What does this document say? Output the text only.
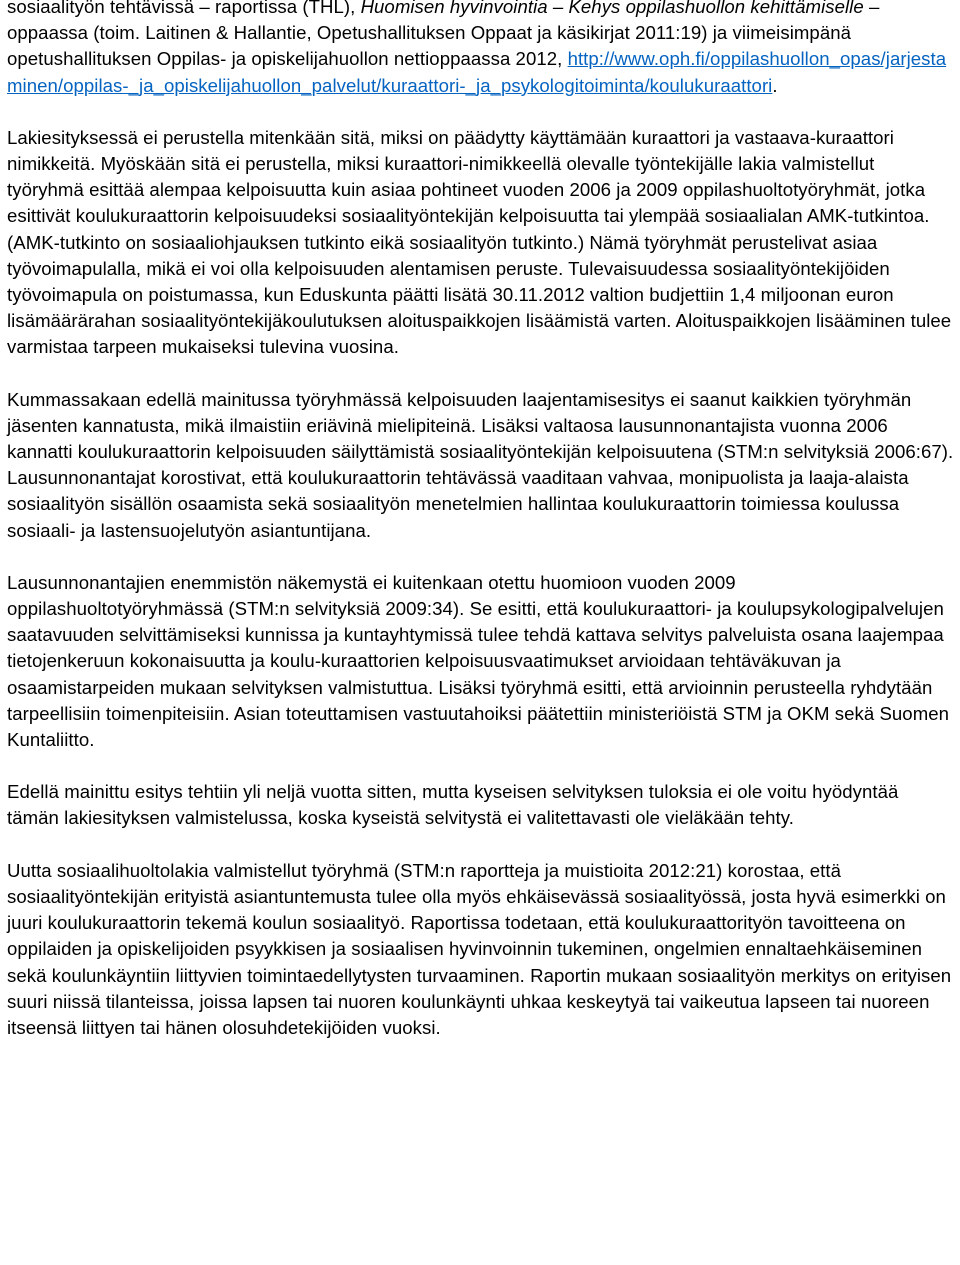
sosiaalityön tehtävissä – raportissa (THL), Huomisen hyvinvointia – Kehys oppilashuollon kehittämiselle – oppaassa (toim. Laitinen & Hallantie, Opetushallituksen Oppaat ja käsikirjat 2011:19) ja viimeisimpänä opetushallituksen Oppilas- ja opiskelijahuollon nettioppaassa 2012, http://www.oph.fi/oppilashuollon_opas/jarjestaminen/oppilas-_ja_opiskelijahuollon_palvelut/kuraattori-_ja_psykologitoiminta/koulukuraattori.

Lakiesityksessä ei perustella mitenkään sitä, miksi on päädytty käyttämään kuraattori ja vastaava-kuraattori nimikkeitä. Myöskään sitä ei perustella, miksi kuraattori-nimikkeellä olevalle työntekijälle lakia valmistellut työryhmä esittää alempaa kelpoisuutta kuin asiaa pohtineet vuoden 2006 ja 2009 oppilashuoltotyöryhmät, jotka esittivät koulukuraattorin kelpoisuudeksi sosiaalityöntekijän kelpoisuutta tai ylempää sosiaalialan AMK-tutkintoa. (AMK-tutkinto on sosiaaliohjauksen tutkinto eikä sosiaalityön tutkinto.) Nämä työryhmät perustelivat asiaa työvoimapulalla, mikä ei voi olla kelpoisuuden alentamisen peruste. Tulevaisuudessa sosiaalityöntekijöiden työvoimapula on poistumassa, kun Eduskunta päätti lisätä 30.11.2012 valtion budjettiin 1,4 miljoonan euron lisämäärärahan sosiaalityöntekijäkoulutuksen aloituspaikkojen lisäämistä varten. Aloituspaikkojen lisääminen tulee varmistaa tarpeen mukaiseksi tulevina vuosina.

Kummassakaan edellä mainitussa työryhmässä kelpoisuuden laajentamisesitys ei saanut kaikkien työryhmän jäsenten kannatusta, mikä ilmaistiin eriävinä mielipiteinä. Lisäksi valtaosa lausunnonantajista vuonna 2006 kannatti koulukuraattorin kelpoisuuden säilyttämistä sosiaalityöntekijän kelpoisuutena (STM:n selvityksiä 2006:67). Lausunnonantajat korostivat, että koulukuraattorin tehtävässä vaaditaan vahvaa, monipuolista ja laaja-alaista sosiaalityön sisällön osaamista sekä sosiaalityön menetelmien hallintaa koulukuraattorin toimiessa koulussa sosiaali- ja lastensuojelutyön asiantuntijana.

Lausunnonantajien enemmistön näkemystä ei kuitenkaan otettu huomioon vuoden 2009 oppilashuoltotyöryhmässä (STM:n selvityksiä 2009:34). Se esitti, että koulukuraattori- ja koulupsykologipalvelujen saatavuuden selvittämiseksi kunnissa ja kuntayhtymissä tulee tehdä kattava selvitys palveluista osana laajempaa tietojenkeruun kokonaisuutta ja koulu-kuraattorien kelpoisuusvaatimukset arvioidaan tehtäväkuvan ja osaamistarpeiden mukaan selvityksen valmistuttua. Lisäksi työryhmä esitti, että arvioinnin perusteella ryhdytään tarpeellisiin toimenpiteisiin. Asian toteuttamisen vastuutahoiksi päätettiin ministeriöistä STM ja OKM sekä Suomen Kuntaliitto.

Edellä mainittu esitys tehtiin yli neljä vuotta sitten, mutta kyseisen selvityksen tuloksia ei ole voitu hyödyntää tämän lakiesityksen valmistelussa, koska kyseistä selvitystä ei valitettavasti ole vieläkään tehty.

Uutta sosiaalihuoltolakia valmistellut työryhmä (STM:n raportteja ja muistioita 2012:21) korostaa, että sosiaalityöntekijän erityistä asiantuntemusta tulee olla myös ehkäisevässä sosiaalityössä, josta hyvä esimerkki on juuri koulukuraattorin tekemä koulun sosiaalityö. Raportissa todetaan, että koulukuraattorityön tavoitteena on oppilaiden ja opiskelijoiden psyykkisen ja sosiaalisen hyvinvoinnin tukeminen, ongelmien ennaltaehkäiseminen sekä koulunkäyntiin liittyvien toimintaedellytysten turvaaminen. Raportin mukaan sosiaalityön merkitys on erityisen suuri niissä tilanteissa, joissa lapsen tai nuoren koulunkäynti uhkaa keskeytyä tai vaikeutua lapseen tai nuoreen itseensä liittyen tai hänen olosuhdetekijöiden vuoksi.
